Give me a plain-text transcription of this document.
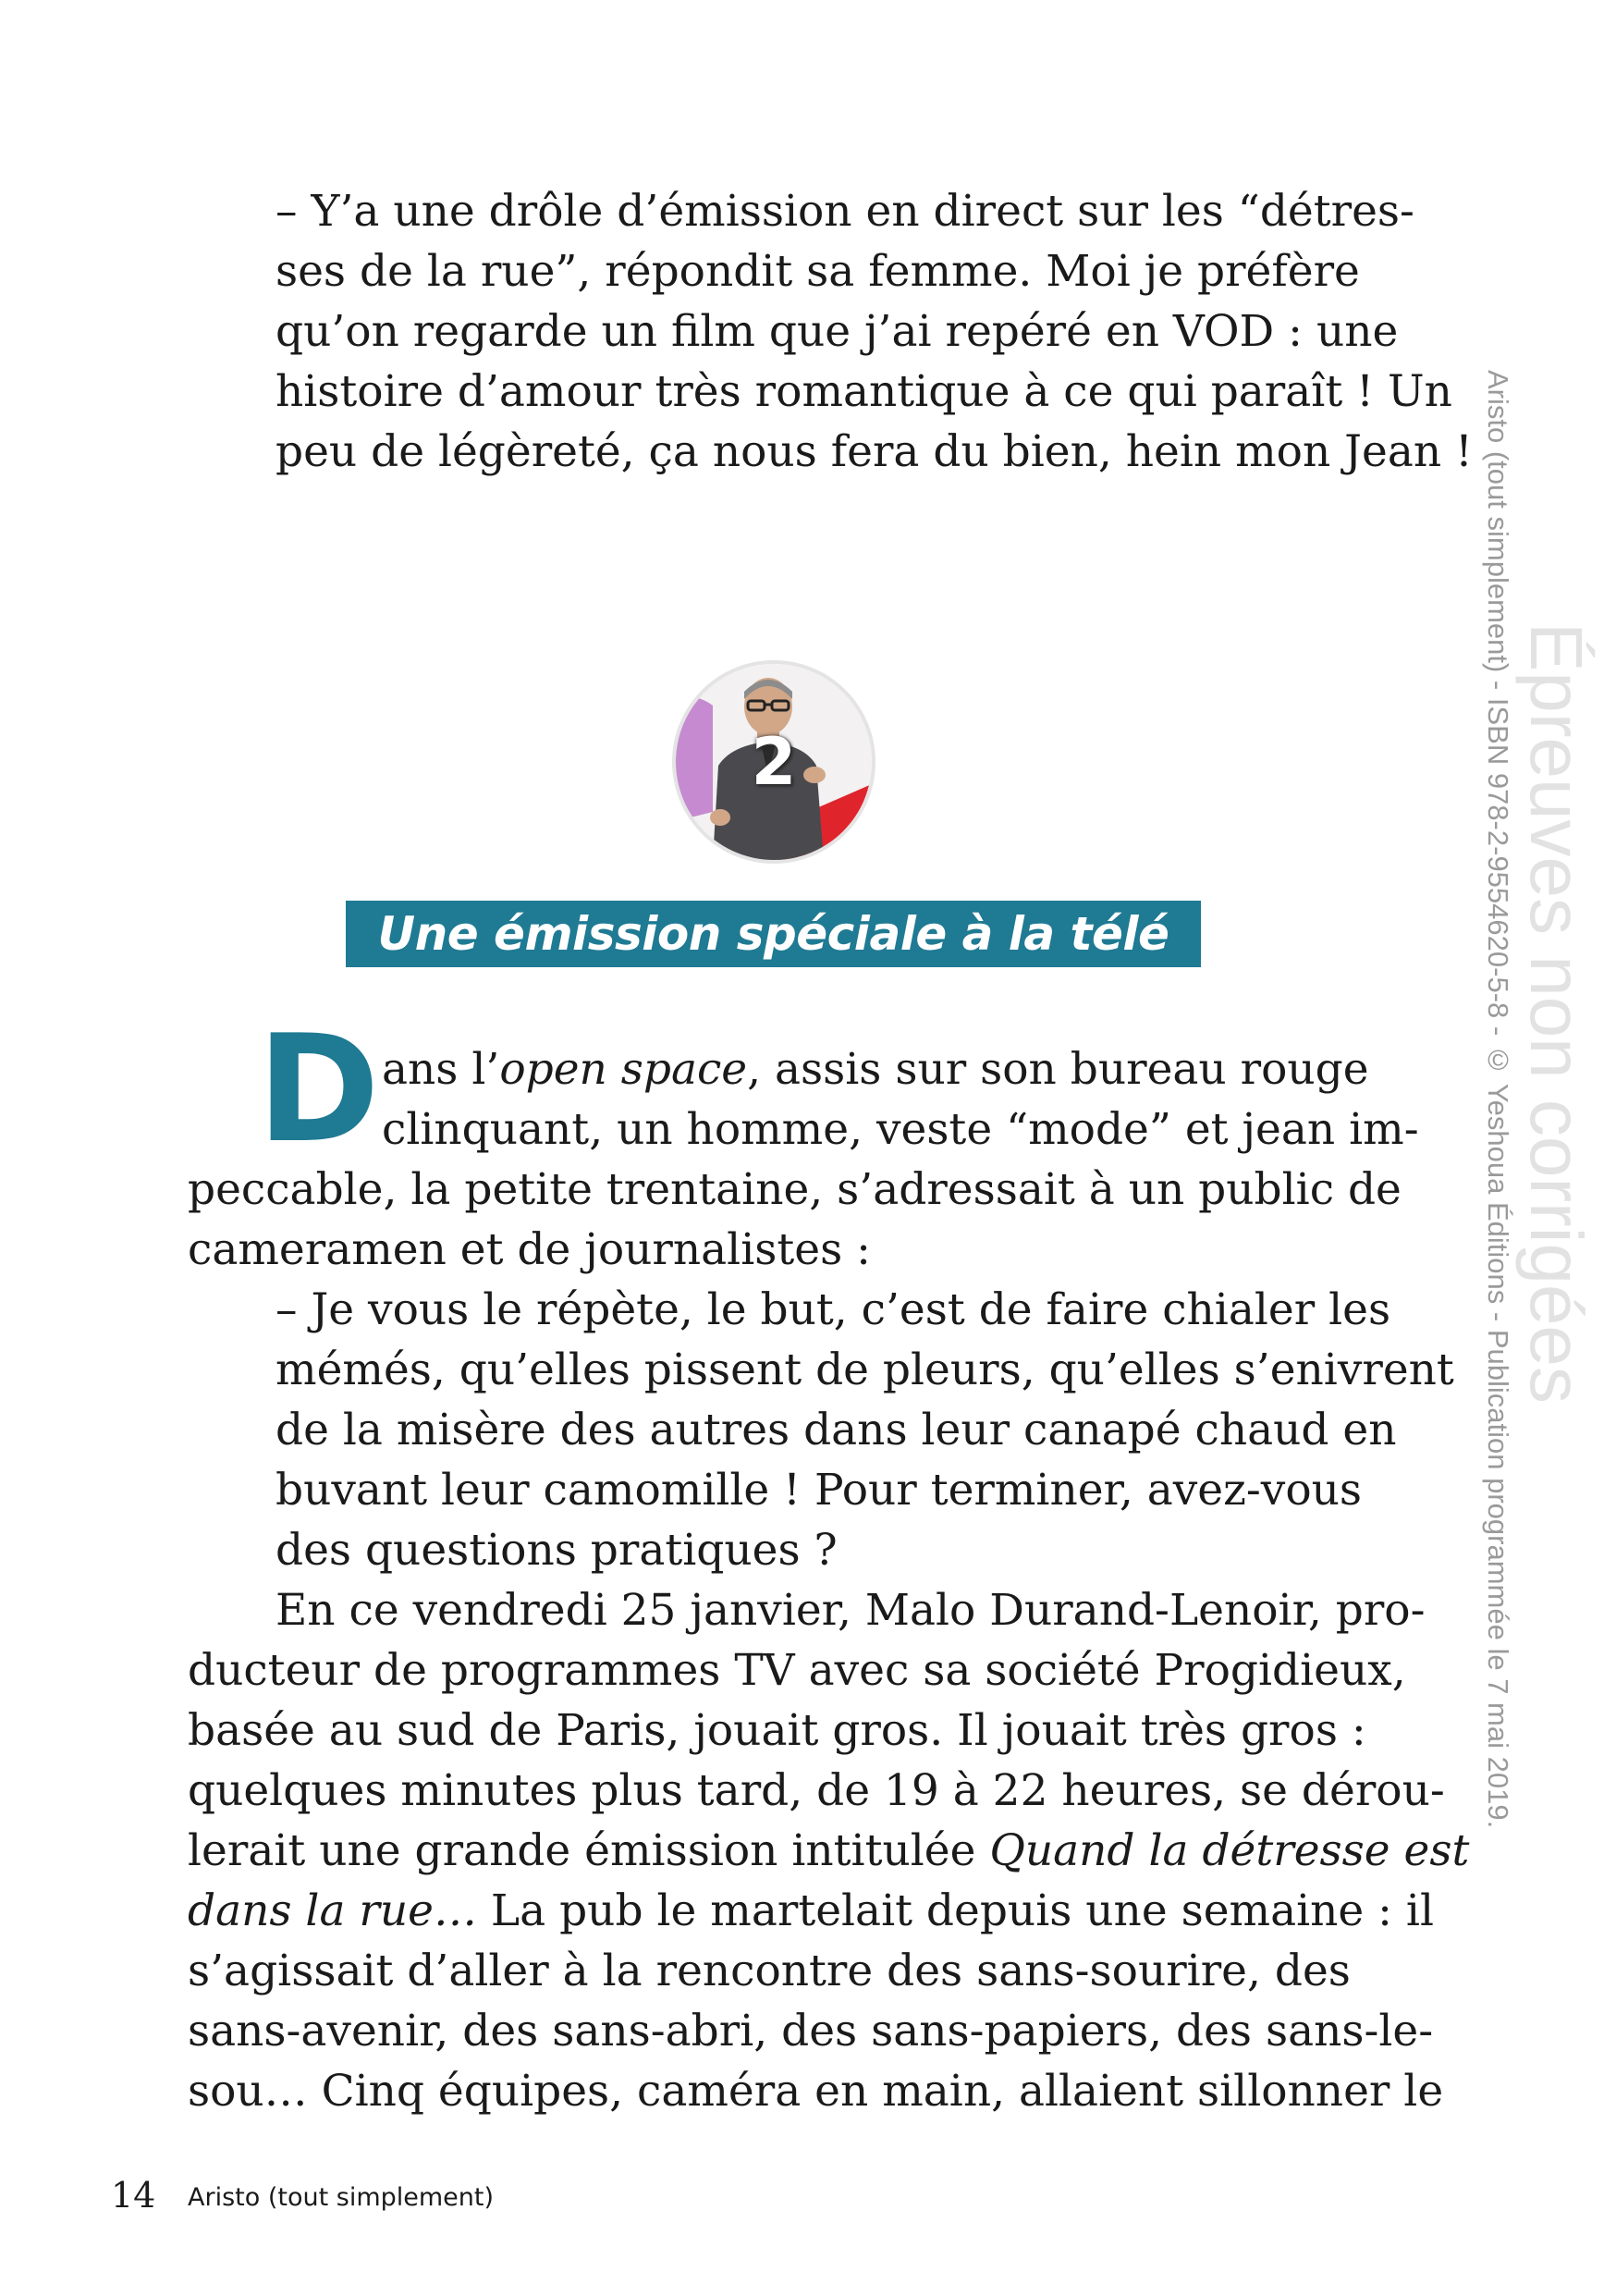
– Y’a une drôle d’émission en direct sur les “détres-
ses de la rue”, répondit sa femme. Moi je préfère
qu’on regarde un film que j’ai repéré en VOD : une
histoire d’amour très romantique à ce qui paraît ! Un
peu de légèreté, ça nous fera du bien, hein mon Jean !
2
Une émission spéciale à la télé
D ans l’open space, assis sur son bureau rouge
clinquant, un homme, veste “mode” et jean im-
peccable, la petite trentaine, s’adressait à un public de
cameramen et de journalistes :
– Je vous le répète, le but, c’est de faire chialer les
mémés, qu’elles pissent de pleurs, qu’elles s’enivrent
de la misère des autres dans leur canapé chaud en
buvant leur camomille ! Pour terminer, avez-vous
des questions pratiques ?
En ce vendredi 25 janvier, Malo Durand-Lenoir, pro-
ducteur de programmes TV avec sa société Progidieux,
basée au sud de Paris, jouait gros. Il jouait très gros :
quelques minutes plus tard, de 19 à 22 heures, se dérou-
lerait une grande émission intitulée Quand la détresse est
dans la rue… La pub le martelait depuis une semaine : il
s’agissait d’aller à la rencontre des sans-sourire, des
sans-avenir, des sans-abri, des sans-papiers, des sans-le-
sou… Cinq équipes, caméra en main, allaient sillonner le
Aristo (tout simplement) - ISBN 978-2-9554620-5-8 - © Yeshoua Éditions - Publication programmée le 7 mai 2019. Épreuves non corrigées
14 Aristo (tout simplement)
